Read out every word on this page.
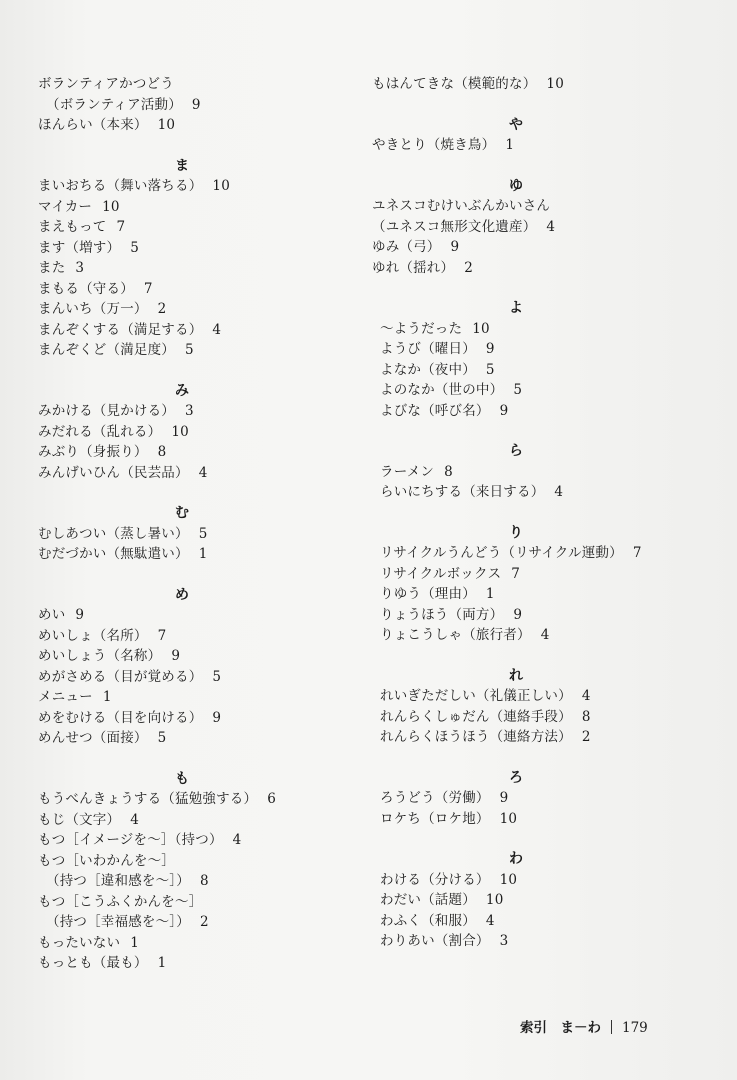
ボランティアかつどう
（ボランティア活動） 9
ほんらい（本来） 10
ま
まいおちる（舞い落ちる） 10
マイカー 10
まえもって 7
ます（増す） 5
また 3
まもる（守る） 7
まんいち（万一） 2
まんぞくする（満足する） 4
まんぞくど（満足度） 5
み
みかける（見かける） 3
みだれる（乱れる） 10
みぶり（身振り） 8
みんげいひん（民芸品） 4
む
むしあつい（蒸し暑い） 5
むだづかい（無駄遣い） 1
め
めい 9
めいしょ（名所） 7
めいしょう（名称） 9
めがさめる（目が覚める） 5
メニュー 1
めをむける（目を向ける） 9
めんせつ（面接） 5
も
もうべんきょうする（猛勉強する） 6
もじ（文字） 4
もつ［イメージを～］（持つ） 4
もつ［いわかんを～］
（持つ［違和感を～］） 8
もつ［こうふくかんを～］
（持つ［幸福感を～］） 2
もったいない 1
もっとも（最も） 1
もはんてきな（模範的な） 10
や
やきとり（焼き鳥） 1
ゆ
ユネスコむけいぶんかいさん
（ユネスコ無形文化遺産） 4
ゆみ（弓） 9
ゆれ（揺れ） 2
よ
～ようだった 10
ようび（曜日） 9
よなか（夜中） 5
よのなか（世の中） 5
よびな（呼び名） 9
ら
ラーメン 8
らいにちする（来日する） 4
り
リサイクルうんどう（リサイクル運動） 7
リサイクルボックス 7
りゆう（理由） 1
りょうほう（両方） 9
りょこうしゃ（旅行者） 4
れ
れいぎただしい（礼儀正しい） 4
れんらくしゅだん（連絡手段） 8
れんらくほうほう（連絡方法） 2
ろ
ろうどう（労働） 9
ロケち（ロケ地） 10
わ
わける（分ける） 10
わだい（話題） 10
わふく（和服） 4
わりあい（割合） 3
索引　ま－わ 179
